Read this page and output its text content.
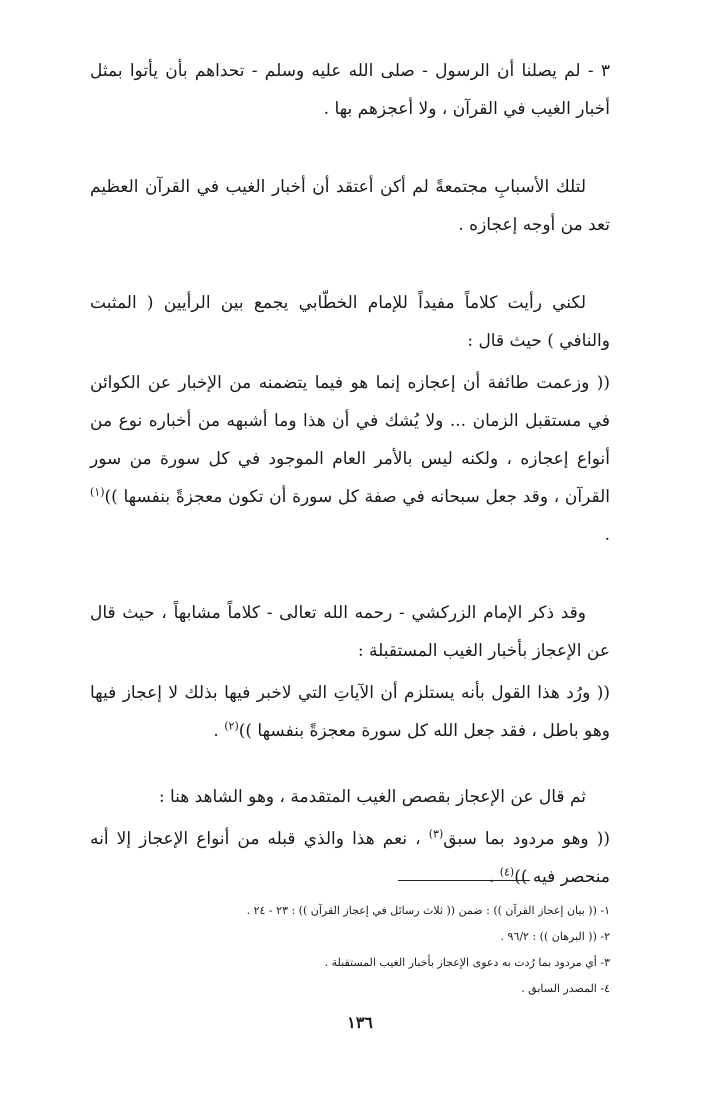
٣ - لم يصلنا أن الرسول - صلى الله عليه وسلم - تحداهم بأن يأتوا بمثل أخبار الغيب في القرآن ، ولا أعجزهم بها .

لتلك الأسبابِ مجتمعةً لم أكن أعتقد أن أخبار الغيب في القرآن العظيم تعد من أوجه إعجازه .

لكني رأيت كلاماً مفيداً للإمام الخطّابي يجمع بين الرأيين ( المثبت والنافي ) حيث قال :

(( وزعمت طائفة أن إعجازه إنما هو فيما يتضمنه من الإخبار عن الكوائن في مستقبل الزمان ... ولا يُشك في أن هذا وما أشبهه من أخباره نوع من أنواع إعجازه ، ولكنه ليس بالأمر العام الموجود في كل سورة من سور القرآن ، وقد جعل سبحانه في صفة كل سورة أن تكون معجزةً بنفسها ))$^{(١)}$ .

وقد ذكر الإمام الزركشي - رحمه الله تعالى - كلاماً مشابهاً ، حيث قال عن الإعجاز بأخبار الغيب المستقبلة :

(( ورُد هذا القول بأنه يستلزم أن الآياتِ التي لاخبر فيها بذلك لا إعجاز فيها وهو باطل ، فقد جعل الله كل سورة معجزةً بنفسها ))$^{(٢)}$ .

ثم قال عن الإعجاز بقصص الغيب المتقدمة ، وهو الشاهد هنا :

(( وهو مردود بما سبق$^{(٣)}$ ، نعم هذا والذي قبله من أنواع الإعجاز إلا أنه منحصر فيه ))$^{(٤)}$ .

١- (( بيان إعجاز القرآن )) : ضمن (( ثلاث رسائل في إعجاز القرآن )) : ٢٣ - ٢٤ .

٢- (( البرهان )) : ٩٦/٢ .

٣- أي مردود بما رُدت به دعوى الإعجاز بأخبار الغيب المستقبلة .

٤- المصدر السابق .

١٣٦
